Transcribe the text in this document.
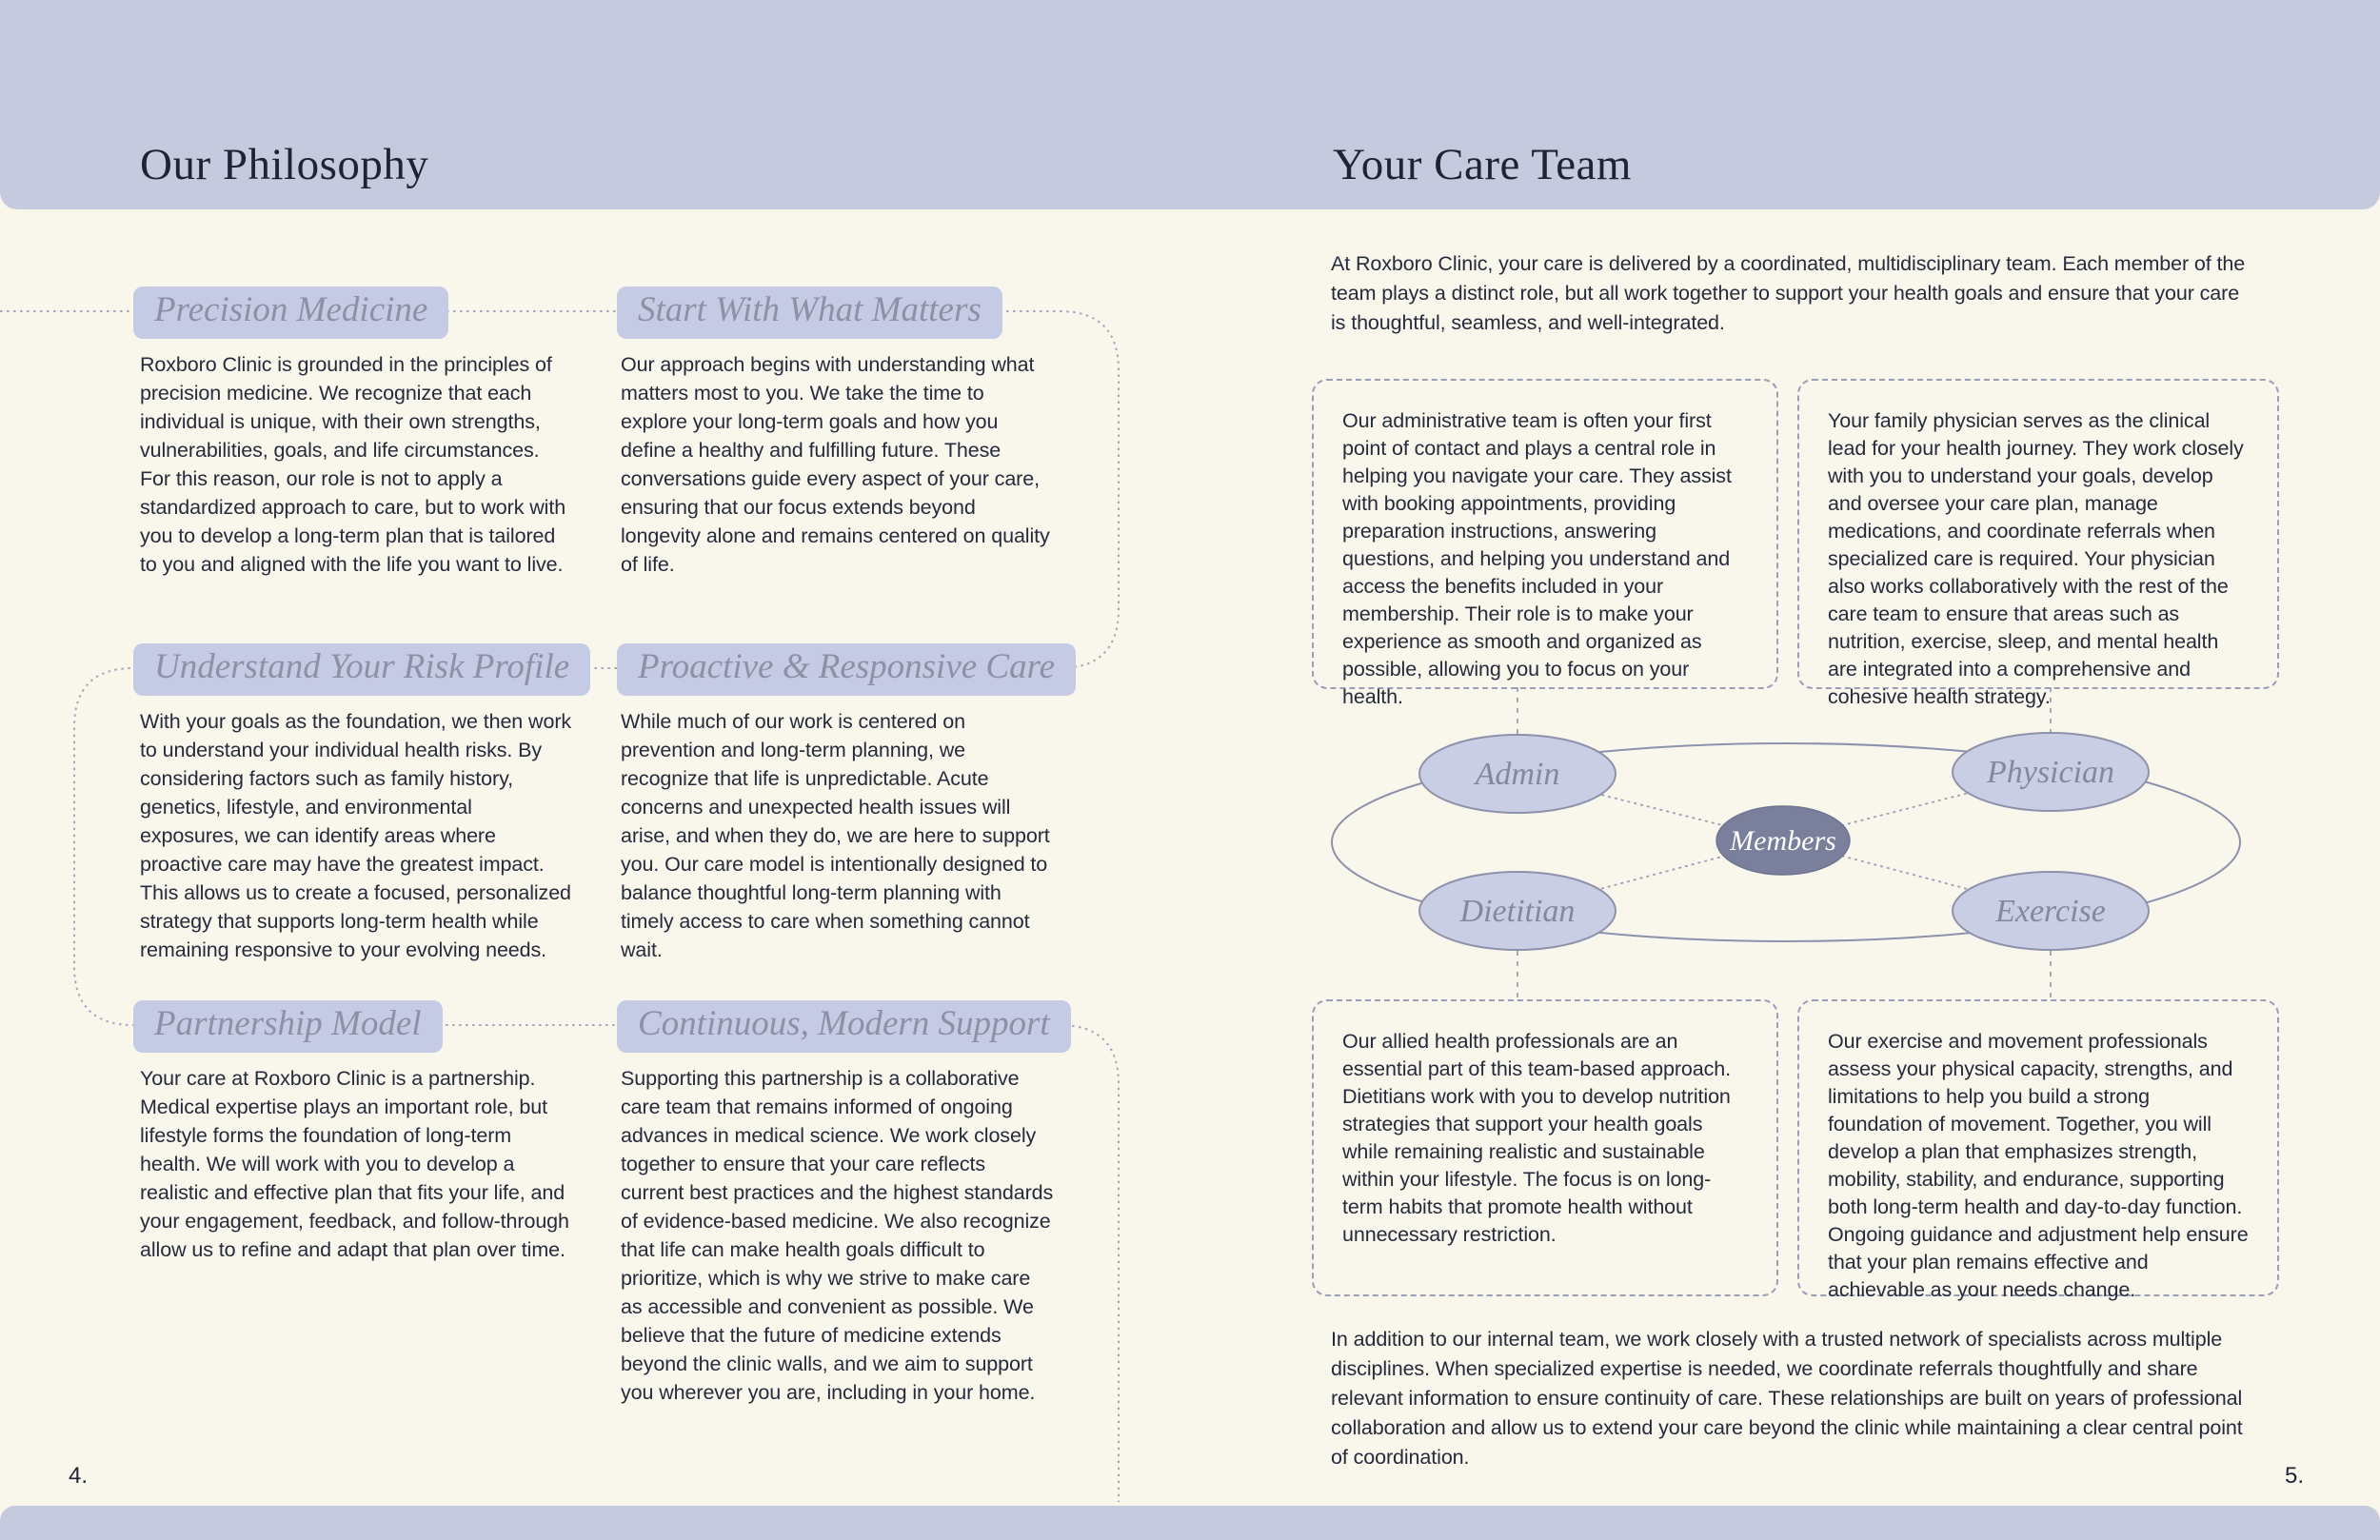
Our Philosophy	Your Care Team
Precision Medicine
Roxboro Clinic is grounded in the principles of precision medicine. We recognize that each individual is unique, with their own strengths, vulnerabilities, goals, and life circumstances. For this reason, our role is not to apply a standardized approach to care, but to work with you to develop a long-term plan that is tailored to you and aligned with the life you want to live.
Start With What Matters
Our approach begins with understanding what matters most to you. We take the time to explore your long-term goals and how you define a healthy and fulfilling future. These conversations guide every aspect of your care, ensuring that our focus extends beyond longevity alone and remains centered on quality of life.
Understand Your Risk Profile
With your goals as the foundation, we then work to understand your individual health risks. By considering factors such as family history, genetics, lifestyle, and environmental exposures, we can identify areas where proactive care may have the greatest impact. This allows us to create a focused, personalized strategy that supports long-term health while remaining responsive to your evolving needs.
Proactive & Responsive Care
While much of our work is centered on prevention and long-term planning, we recognize that life is unpredictable. Acute concerns and unexpected health issues will arise, and when they do, we are here to support you. Our care model is intentionally designed to balance thoughtful long-term planning with timely access to care when something cannot wait.
Partnership Model
Your care at Roxboro Clinic is a partnership. Medical expertise plays an important role, but lifestyle forms the foundation of long-term health. We will work with you to develop a realistic and effective plan that fits your life, and your engagement, feedback, and follow-through allow us to refine and adapt that plan over time.
Continuous, Modern Support
Supporting this partnership is a collaborative care team that remains informed of ongoing advances in medical science. We work closely together to ensure that your care reflects current best practices and the highest standards of evidence-based medicine. We also recognize that life can make health goals difficult to prioritize, which is why we strive to make care as accessible and convenient as possible. We believe that the future of medicine extends beyond the clinic walls, and we aim to support you wherever you are, including in your home.
At Roxboro Clinic, your care is delivered by a coordinated, multidisciplinary team. Each member of the team plays a distinct role, but all work together to support your health goals and ensure that your care is thoughtful, seamless, and well-integrated.
Our administrative team is often your first point of contact and plays a central role in helping you navigate your care. They assist with booking appointments, providing preparation instructions, answering questions, and helping you understand and access the benefits included in your membership. Their role is to make your experience as smooth and organized as possible, allowing you to focus on your health.
Your family physician serves as the clinical lead for your health journey. They work closely with you to understand your goals, develop and oversee your care plan, manage medications, and coordinate referrals when specialized care is required. Your physician also works collaboratively with the rest of the care team to ensure that areas such as nutrition, exercise, sleep, and mental health are integrated into a comprehensive and cohesive health strategy.
Admin	Physician
Dietitian	Exercise
Members
Our allied health professionals are an essential part of this team-based approach. Dietitians work with you to develop nutrition strategies that support your health goals while remaining realistic and sustainable within your lifestyle. The focus is on long-term habits that promote health without unnecessary restriction.
Our exercise and movement professionals assess your physical capacity, strengths, and limitations to help you build a strong foundation of movement. Together, you will develop a plan that emphasizes strength, mobility, stability, and endurance, supporting both long-term health and day-to-day function. Ongoing guidance and adjustment help ensure that your plan remains effective and achievable as your needs change.
In addition to our internal team, we work closely with a trusted network of specialists across multiple disciplines. When specialized expertise is needed, we coordinate referrals thoughtfully and share relevant information to ensure continuity of care. These relationships are built on years of professional collaboration and allow us to extend your care beyond the clinic while maintaining a clear central point of coordination.
4.	5.
